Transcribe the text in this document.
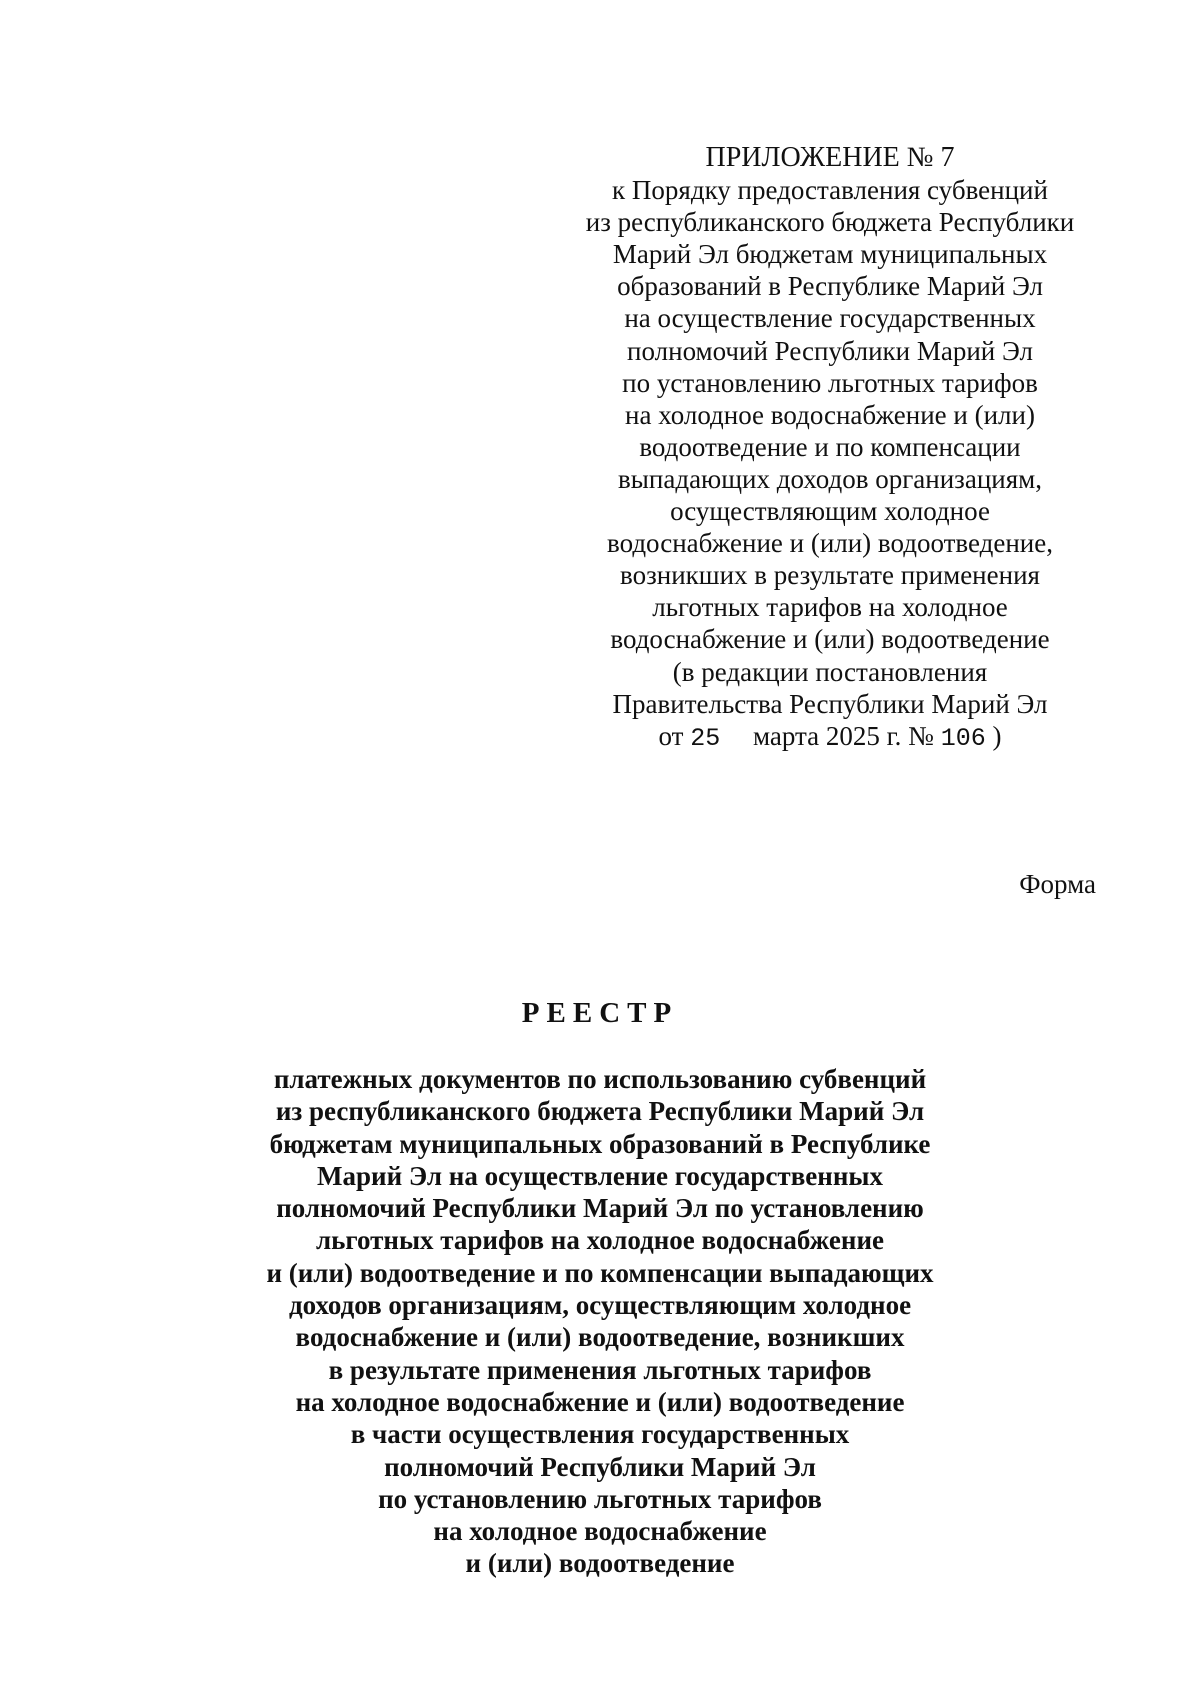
ПРИЛОЖЕНИЕ № 7
к Порядку предоставления субвенций
из республиканского бюджета Республики
Марий Эл бюджетам муниципальных
образований в Республике Марий Эл
на осуществление государственных
полномочий Республики Марий Эл
по установлению льготных тарифов
на холодное водоснабжение и (или)
водоотведение и по компенсации
выпадающих доходов организациям,
осуществляющим холодное
водоснабжение и (или) водоотведение,
возникших в результате применения
льготных тарифов на холодное
водоснабжение и (или) водоотведение
(в редакции постановления
Правительства Республики Марий Эл
от 25 марта 2025 г. № 106 )
Форма
РЕЕСТР
платежных документов по использованию субвенций
из республиканского бюджета Республики Марий Эл
бюджетам муниципальных образований в Республике
Марий Эл на осуществление государственных
полномочий Республики Марий Эл по установлению
льготных тарифов на холодное водоснабжение
и (или) водоотведение и по компенсации выпадающих
доходов организациям, осуществляющим холодное
водоснабжение и (или) водоотведение, возникших
в результате применения льготных тарифов
на холодное водоснабжение и (или) водоотведение
в части осуществления государственных
полномочий Республики Марий Эл
по установлению льготных тарифов
на холодное водоснабжение
и (или) водоотведение
